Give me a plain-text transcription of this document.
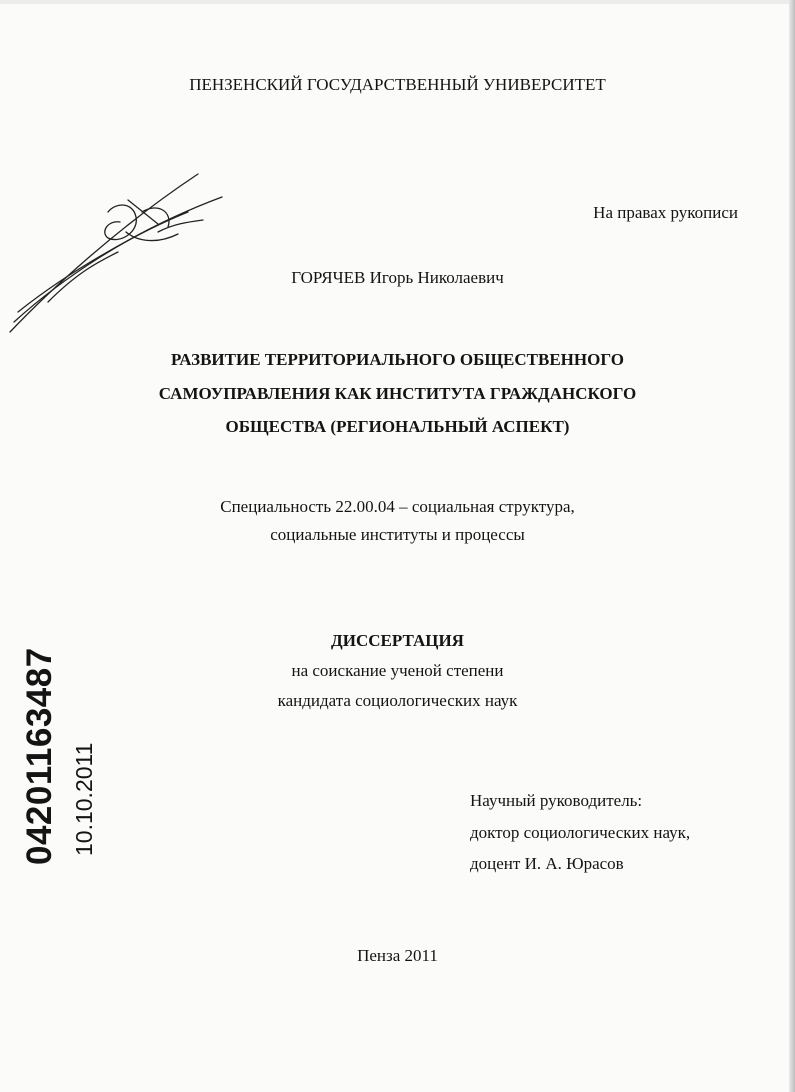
ПЕНЗЕНСКИЙ ГОСУДАРСТВЕННЫЙ УНИВЕРСИТЕТ
На правах рукописи
ГОРЯЧЕВ Игорь Николаевич
РАЗВИТИЕ ТЕРРИТОРИАЛЬНОГО ОБЩЕСТВЕННОГО
САМОУПРАВЛЕНИЯ КАК ИНСТИТУТА ГРАЖДАНСКОГО
ОБЩЕСТВА (РЕГИОНАЛЬНЫЙ АСПЕКТ)
Специальность 22.00.04 – социальная структура,
социальные институты и процессы
ДИССЕРТАЦИЯ
на соискание ученой степени
кандидата социологических наук
Научный руководитель:
доктор социологических наук,
доцент И. А. Юрасов
Пенза 2011
04201163487 10.10.2011
